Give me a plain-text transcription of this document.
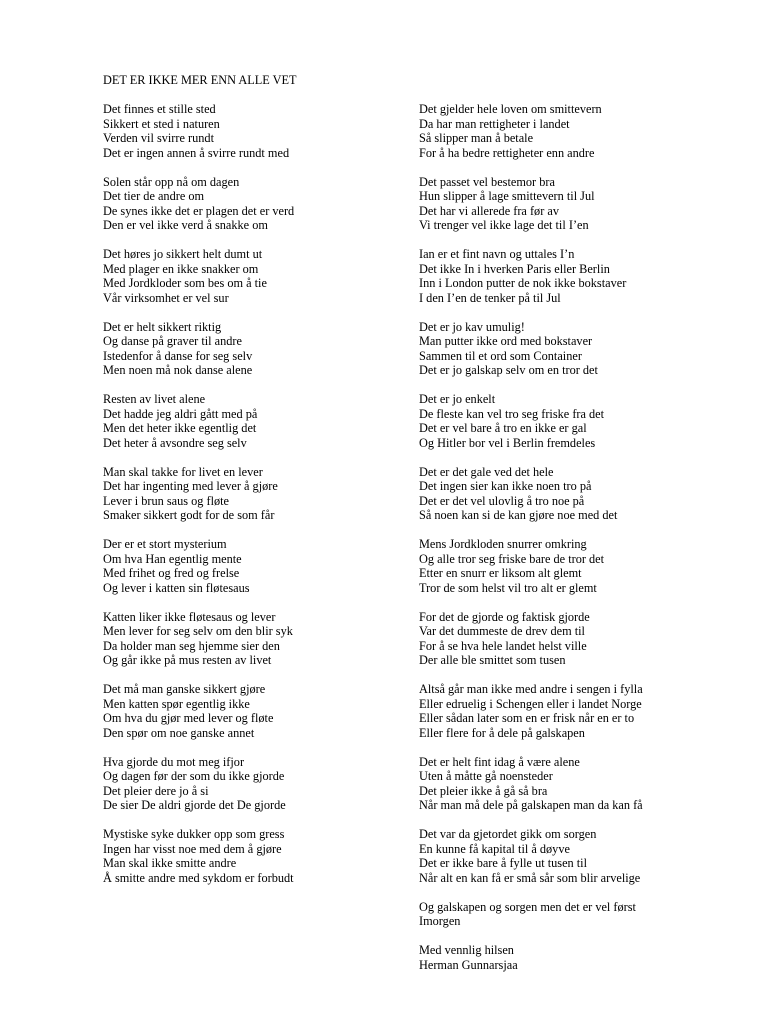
DET ER IKKE MER ENN ALLE VET
Det finnes et stille sted
Sikkert et sted i naturen
Verden vil svirre rundt
Det er ingen annen å svirre rundt med
Solen står opp nå om dagen
Det tier de andre om
De synes ikke det er plagen det er verd
Den er vel ikke verd å snakke om
Det høres jo sikkert helt dumt ut
Med plager en ikke snakker om
Med Jordkloder som bes om å tie
Vår virksomhet er vel sur
Det er helt sikkert riktig
Og danse på graver til andre
Istedenfor å danse for seg selv
Men noen må nok danse alene
Resten av livet alene
Det hadde jeg aldri gått med på
Men det heter ikke egentlig det
Det heter å avsondre seg selv
Man skal takke for livet en lever
Det har ingenting med lever å gjøre
Lever i brun saus og fløte
Smaker sikkert godt for de som får
Der er et stort mysterium
Om hva Han egentlig mente
Med frihet og fred og frelse
Og lever i katten sin fløtesaus
Katten liker ikke fløtesaus og lever
Men lever for seg selv om den blir syk
Da holder man seg hjemme sier den
Og går ikke på mus resten av livet
Det må man ganske sikkert gjøre
Men katten spør egentlig ikke
Om hva du gjør med lever og fløte
Den spør om noe ganske annet
Hva gjorde du mot meg ifjor
Og dagen før der som du ikke gjorde
Det pleier dere jo å si
De sier De aldri gjorde det De gjorde
Mystiske syke dukker opp som gress
Ingen har visst noe med dem å gjøre
Man skal ikke smitte andre
Å smitte andre med sykdom er forbudt
Det gjelder hele loven om smittevern
Da har man rettigheter i landet
Så slipper man å betale
For å ha bedre rettigheter enn andre
Det passet vel bestemor bra
Hun slipper å lage smittevern til Jul
Det har vi allerede fra før av
Vi trenger vel ikke lage det til I’en
Ian er et fint navn og uttales I’n
Det ikke In i hverken Paris eller Berlin
Inn i London putter de nok ikke bokstaver
I den I’en de tenker på til Jul
Det er jo kav umulig!
Man putter ikke ord med bokstaver
Sammen til et ord som Container
Det er jo galskap selv om en tror det
Det er jo enkelt
De fleste kan vel tro seg friske fra det
Det er vel bare å tro en ikke er gal
Og Hitler bor vel i Berlin fremdeles
Det er det gale ved det hele
Det ingen sier kan ikke noen tro på
Det er det vel ulovlig å tro noe på
Så noen kan si de kan gjøre noe med det
Mens Jordkloden snurrer omkring
Og alle tror seg friske bare de tror det
Etter en snurr er liksom alt glemt
Tror de som helst vil tro alt er glemt
For det de gjorde og faktisk gjorde
Var det dummeste de drev dem til
For å se hva hele landet helst ville
Der alle ble smittet som tusen
Altså går man ikke med andre i sengen i fylla
Eller edruelig i Schengen eller i landet Norge
Eller sådan later som en er frisk når en er to
Eller flere for å dele på galskapen
Det er helt fint idag å være alene
Uten å måtte gå noensteder
Det pleier ikke å gå så bra
Når man må dele på galskapen man da kan få
Det var da gjetordet gikk om sorgen
En kunne få kapital til å døyve
Det er ikke bare å fylle ut tusen til
Når alt en kan få er små sår som blir arvelige
Og galskapen og sorgen men det er vel først
Imorgen
Med vennlig hilsen
Herman Gunnarsjaa
